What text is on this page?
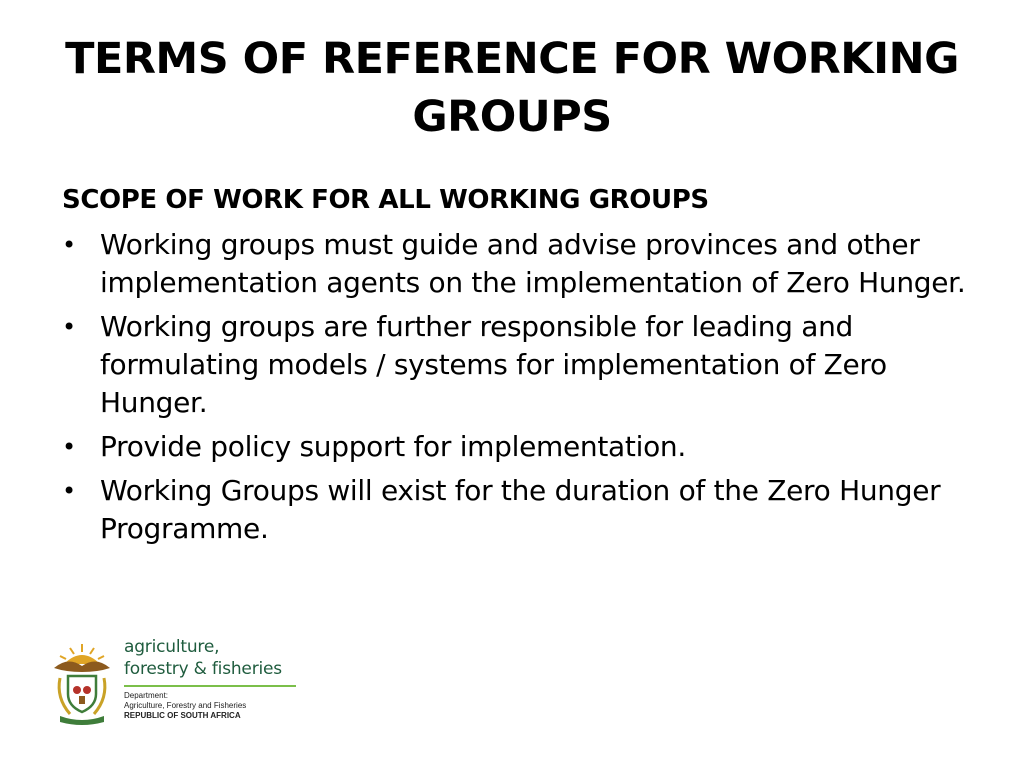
TERMS OF REFERENCE FOR WORKING
GROUPS
SCOPE OF WORK FOR ALL WORKING GROUPS
• Working groups must guide and advise provinces and other implementation agents on the implementation of Zero Hunger.
• Working groups are further responsible for leading and formulating models / systems for implementation of Zero Hunger.
• Provide policy support for implementation.
• Working Groups will exist for the duration of the Zero Hunger Programme.
agriculture,
forestry & fisheries
Department:
Agriculture, Forestry and Fisheries
REPUBLIC OF SOUTH AFRICA
